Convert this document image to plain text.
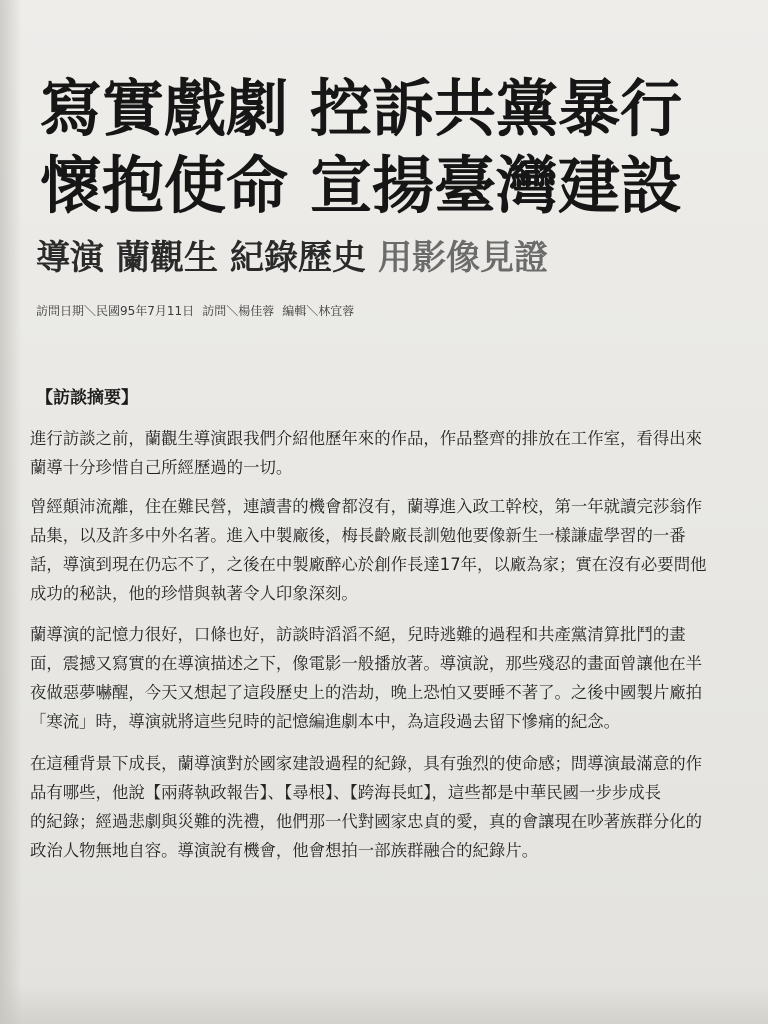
寫實戲劇 控訴共黨暴行
懷抱使命 宣揚臺灣建設
導演 蘭觀生 紀錄歷史 用影像見證
訪問日期＼民國95年7月11日 訪問＼楊佳蓉 編輯＼林宜蓉
【訪談摘要】
進行訪談之前，蘭觀生導演跟我們介紹他歷年來的作品，作品整齊的排放在工作室，看得出來
蘭導十分珍惜自己所經歷過的一切。
曾經顛沛流離，住在難民營，連讀書的機會都沒有，蘭導進入政工幹校，第一年就讀完莎翁作
品集，以及許多中外名著。進入中製廠後，梅長齡廠長訓勉他要像新生一樣謙虛學習的一番
話，導演到現在仍忘不了，之後在中製廠醉心於創作長達17年，以廠為家；實在沒有必要問他
成功的秘訣，他的珍惜與執著令人印象深刻。
蘭導演的記憶力很好，口條也好，訪談時滔滔不絕，兒時逃難的過程和共產黨清算批鬥的畫
面，震撼又寫實的在導演描述之下，像電影一般播放著。導演說，那些殘忍的畫面曾讓他在半
夜做惡夢嚇醒，今天又想起了這段歷史上的浩劫，晚上恐怕又要睡不著了。之後中國製片廠拍
「寒流」時，導演就將這些兒時的記憶編進劇本中，為這段過去留下慘痛的紀念。
在這種背景下成長，蘭導演對於國家建設過程的紀錄，具有強烈的使命感；問導演最滿意的作
品有哪些，他說【兩蔣執政報告】、【尋根】、【跨海長虹】，這些都是中華民國一步步成長
的紀錄；經過悲劇與災難的洗禮，他們那一代對國家忠貞的愛，真的會讓現在吵著族群分化的
政治人物無地自容。導演說有機會，他會想拍一部族群融合的紀錄片。
